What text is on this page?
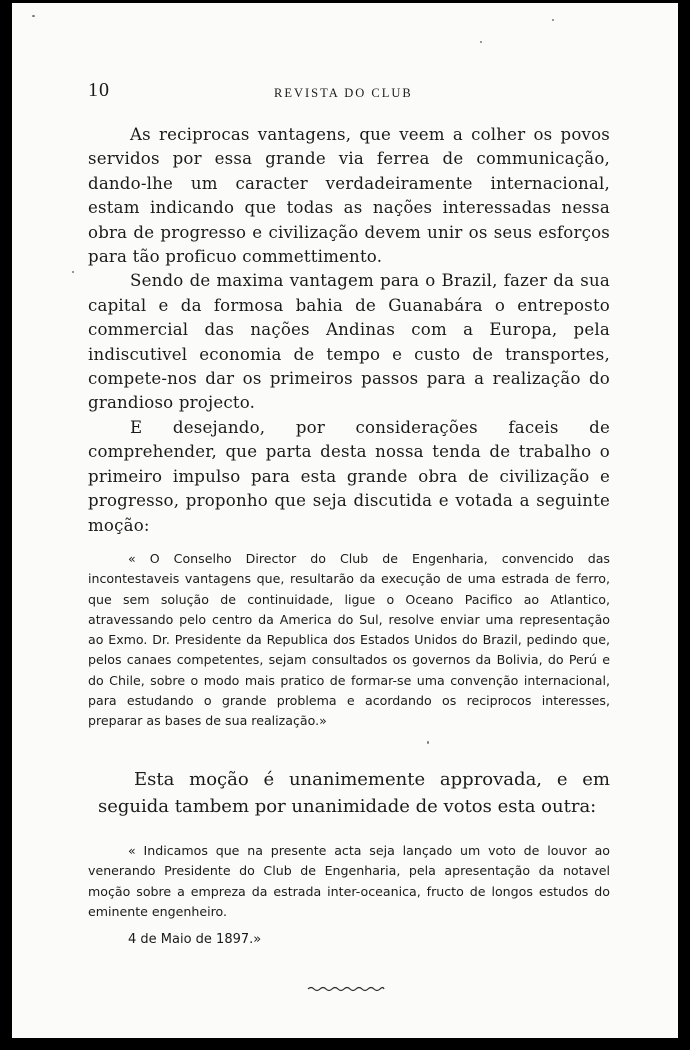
10	REVISTA DO CLUB

As reciprocas vantagens, que veem a colher os povos servidos por essa grande via ferrea de communicação, dando-lhe um caracter verdadeiramente internacional, estam indicando que todas as nações interessadas nessa obra de progresso e civilização devem unir os seus esforços para tão proficuo commettimento.

Sendo de maxima vantagem para o Brazil, fazer da sua capital e da formosa bahia de Guanabára o entreposto commercial das nações Andinas com a Europa, pela indiscutivel economia de tempo e custo de transportes, compete-nos dar os primeiros passos para a realização do grandioso projecto.

E desejando, por considerações faceis de comprehender, que parta desta nossa tenda de trabalho o primeiro impulso para esta grande obra de civilização e progresso, proponho que seja discutida e votada a seguinte moção:

« O Conselho Director do Club de Engenharia, convencido das incontestaveis vantagens que, resultarão da execução de uma estrada de ferro, que sem solução de continuidade, ligue o Oceano Pacifico ao Atlantico, atravessando pelo centro da America do Sul, resolve enviar uma representação ao Exmo. Dr. Presidente da Republica dos Estados Unidos do Brazil, pedindo que, pelos canaes competentes, sejam consultados os governos da Bolivia, do Perú e do Chile, sobre o modo mais pratico de formar-se uma convenção internacional, para estudando o grande problema e acordando os reciprocos interesses, preparar as bases de sua realização.»

Esta moção é unanimemente approvada, e em seguida tambem por unanimidade de votos esta outra:

« Indicamos que na presente acta seja lançado um voto de louvor ao venerando Presidente do Club de Engenharia, pela apresentação da notavel moção sobre a empreza da estrada inter-oceanica, fructo de longos estudos do eminente engenheiro.

4 de Maio de 1897.»
